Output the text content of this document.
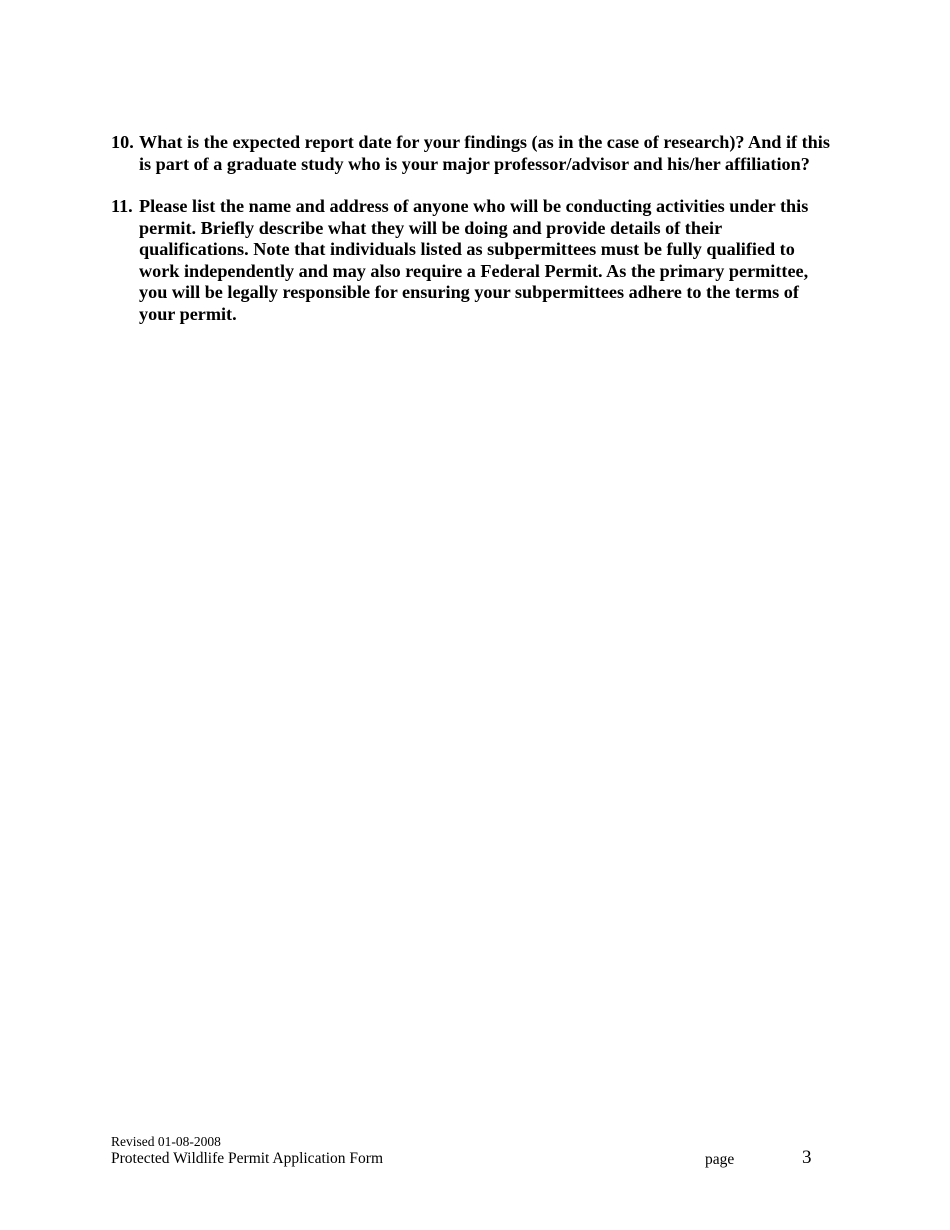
10. What is the expected report date for your findings (as in the case of research)? And if this is part of a graduate study who is your major professor/advisor and his/her affiliation?
11. Please list the name and address of anyone who will be conducting activities under this permit. Briefly describe what they will be doing and provide details of their qualifications. Note that individuals listed as subpermittees must be fully qualified to work independently and may also require a Federal Permit. As the primary permittee, you will be legally responsible for ensuring your subpermittees adhere to the terms of your permit.
Revised 01-08-2008
Protected Wildlife Permit Application Form	page	3
